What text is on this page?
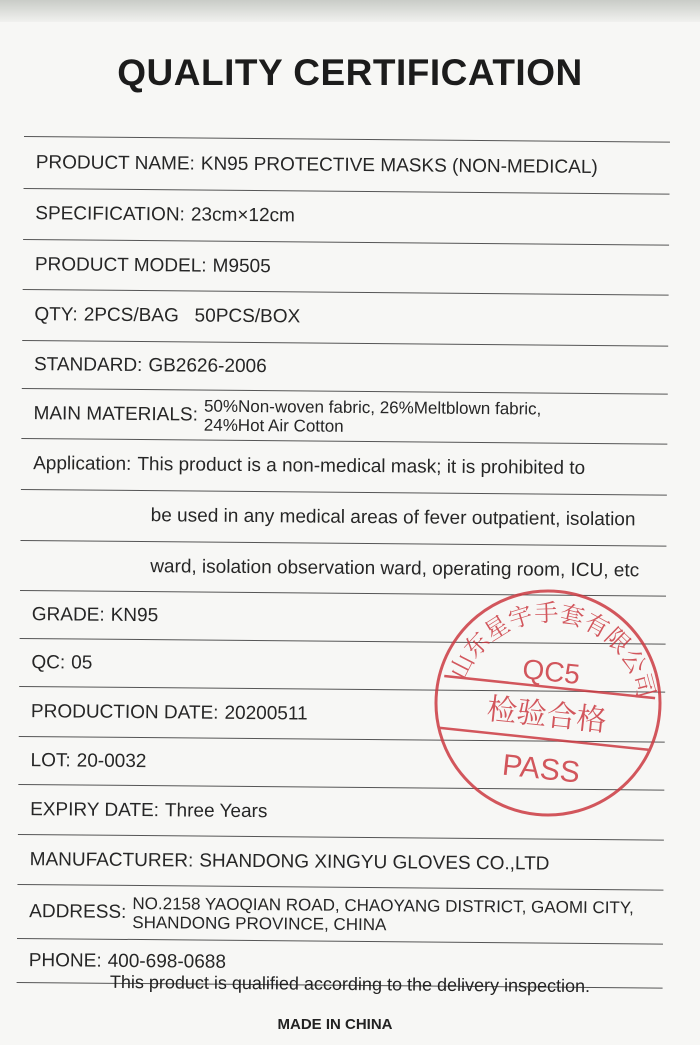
QUALITY CERTIFICATION
PRODUCT NAME: KN95 PROTECTIVE MASKS (NON-MEDICAL)
SPECIFICATION: 23cm×12cm
PRODUCT MODEL: M9505
QTY: 2PCS/BAG   50PCS/BOX
STANDARD: GB2626-2006
MAIN MATERIALS: 50%Non-woven fabric, 26%Meltblown fabric,
24%Hot Air Cotton
Application: This product is a non-medical mask; it is prohibited to
be used in any medical areas of fever outpatient, isolation
ward, isolation observation ward, operating room, ICU, etc
GRADE: KN95
QC: 05
PRODUCTION DATE: 20200511
LOT: 20-0032
EXPIRY DATE: Three Years
MANUFACTURER: SHANDONG XINGYU GLOVES CO.,LTD
ADDRESS: NO.2158 YAOQIAN ROAD, CHAOYANG DISTRICT, GAOMI CITY,
SHANDONG PROVINCE, CHINA
PHONE: 400-698-0688
This product is qualified according to the delivery inspection.
MADE IN CHINA
山东星宇手套有限公司
QC5
检验合格
PASS
